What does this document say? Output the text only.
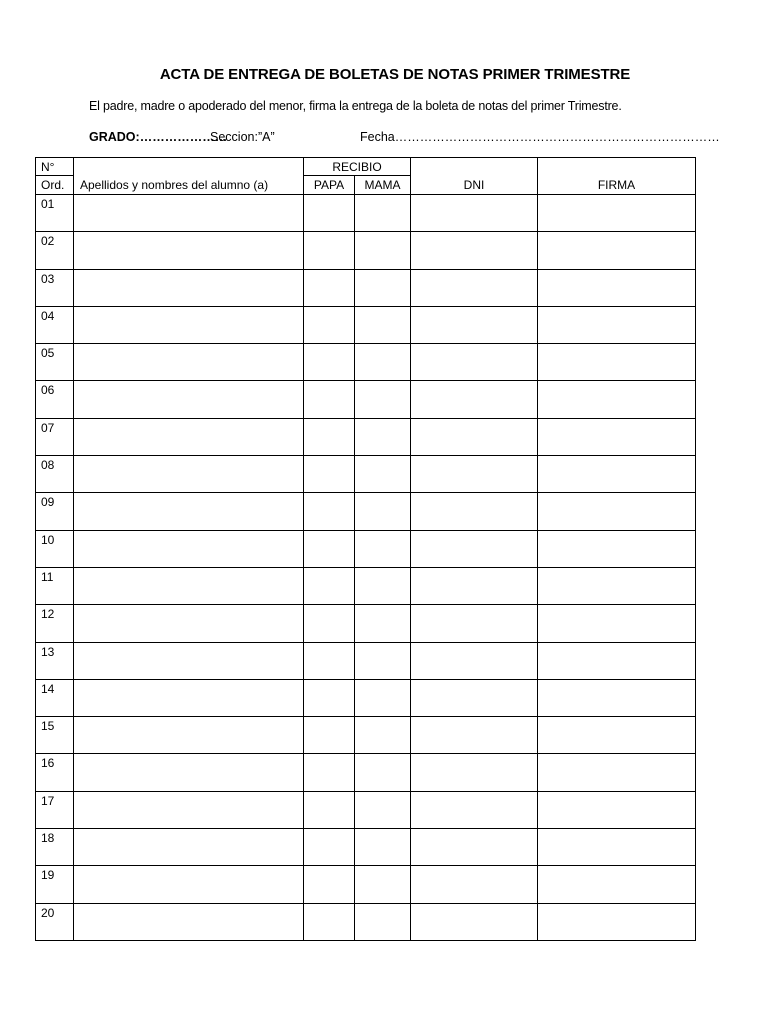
ACTA DE ENTREGA DE BOLETAS DE NOTAS PRIMER TRIMESTRE
El padre, madre o apoderado del menor, firma la entrega de la boleta de notas del primer Trimestre.
GRADO:…………………
Seccion:”A”	Fecha……………………………………………………………………
N°	Apellidos y nombres del alumno (a)	RECIBIO		DNI	FIRMA
Ord.		PAPA	MAMA		
01					
02					
03					
04					
05					
06					
07					
08					
09					
10					
11					
12					
13					
14					
15					
16					
17					
18					
19					
20					
